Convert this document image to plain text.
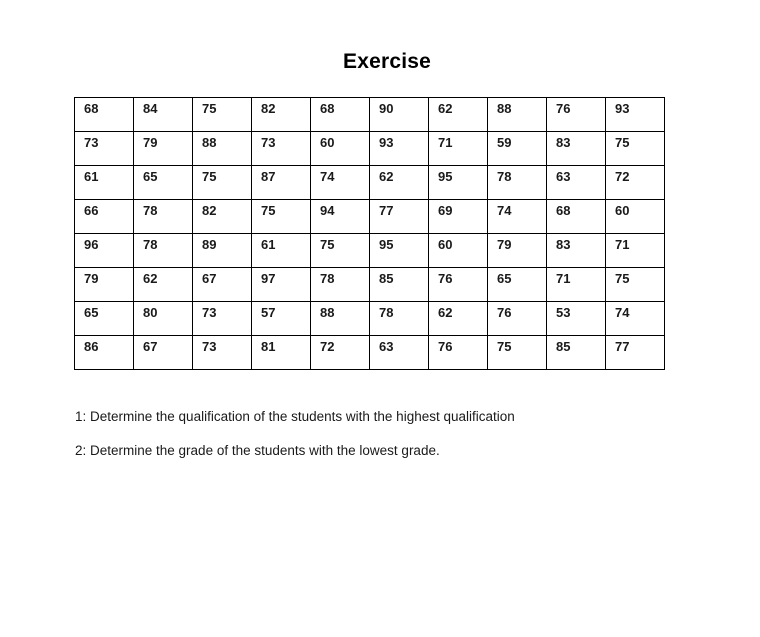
Exercise
68	84	75	82	68	90	62	88	76	93
73	79	88	73	60	93	71	59	83	75
61	65	75	87	74	62	95	78	63	72
66	78	82	75	94	77	69	74	68	60
96	78	89	61	75	95	60	79	83	71
79	62	67	97	78	85	76	65	71	75
65	80	73	57	88	78	62	76	53	74
86	67	73	81	72	63	76	75	85	77
1: Determine the qualification of the students with the highest qualification
2: Determine the grade of the students with the lowest grade.
